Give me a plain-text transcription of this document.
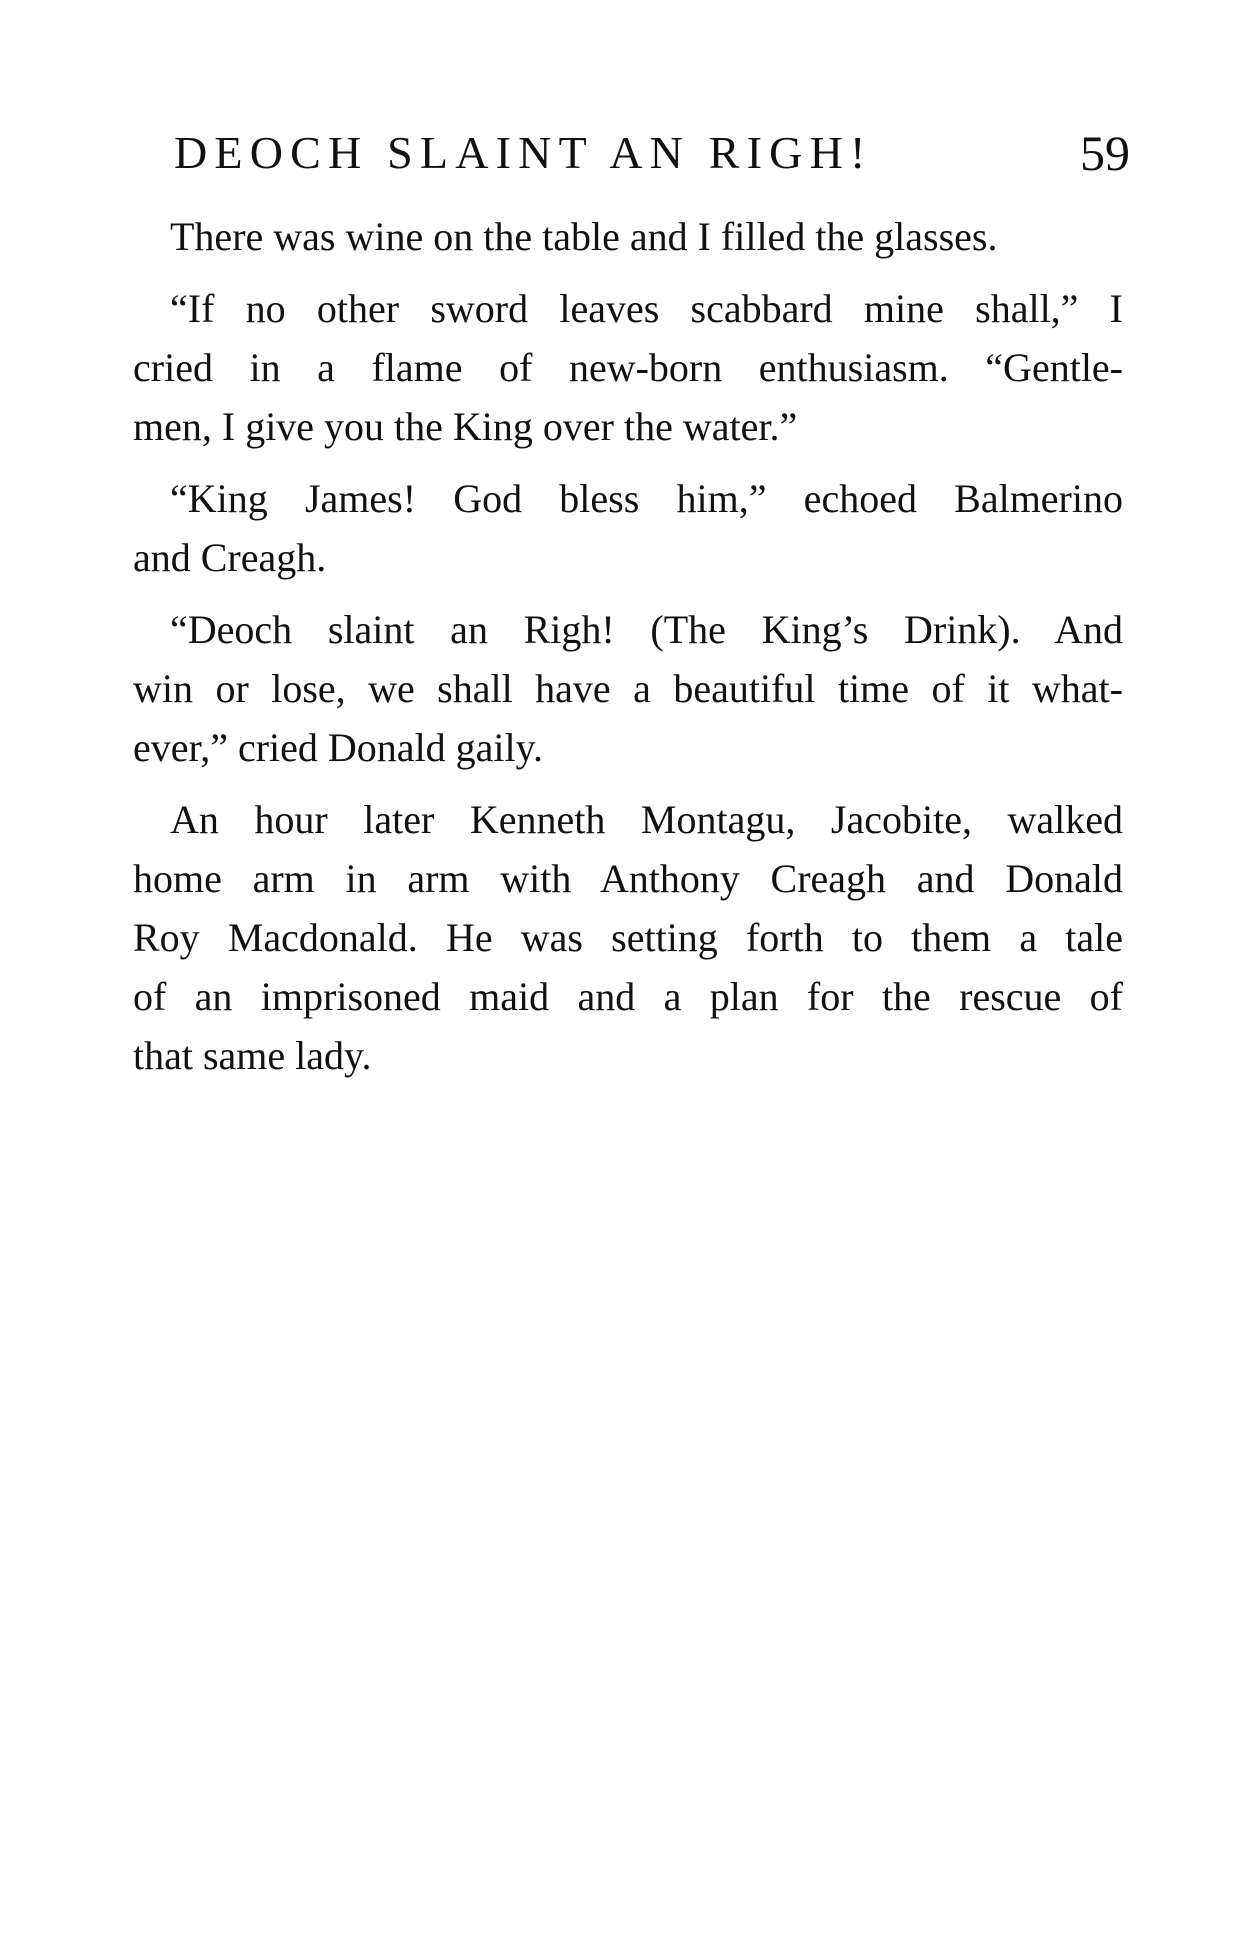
DEOCH SLAINT AN RIGH!	59

There was wine on the table and I filled the glasses.

“If no other sword leaves scabbard mine shall,” I
cried in a flame of new-born enthusiasm. “Gentle-
men, I give you the King over the water.”

“King James! God bless him,” echoed Balmerino
and Creagh.

“Deoch slaint an Righ! (The King’s Drink). And
win or lose, we shall have a beautiful time of it what-
ever,” cried Donald gaily.

An hour later Kenneth Montagu, Jacobite, walked
home arm in arm with Anthony Creagh and Donald
Roy Macdonald. He was setting forth to them a tale
of an imprisoned maid and a plan for the rescue of
that same lady.
